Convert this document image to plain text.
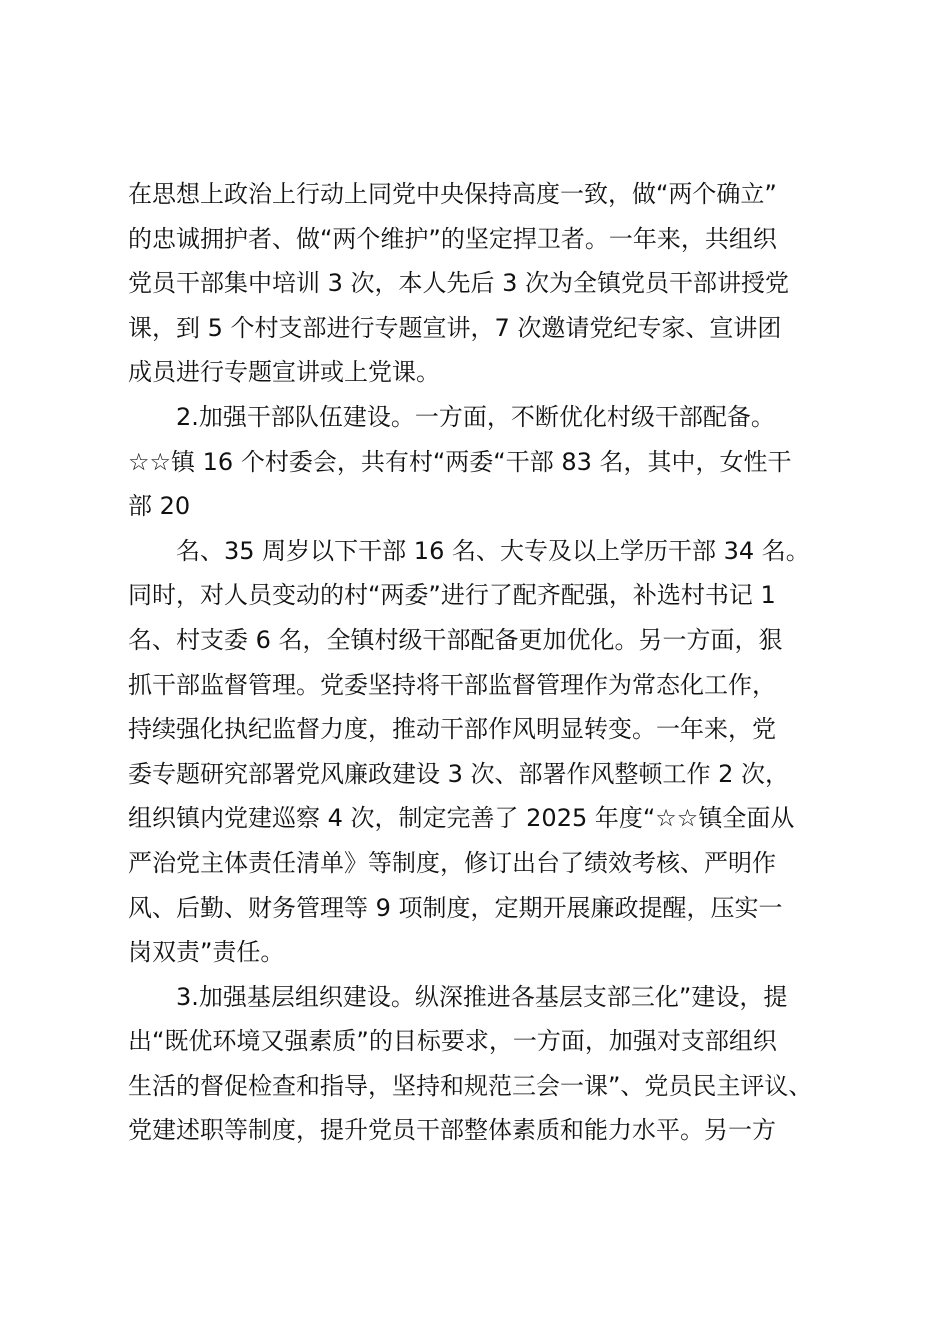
在思想上政治上行动上同党中央保持高度一致，做“两个确立”
的忠诚拥护者、做“两个维护”的坚定捍卫者。一年来，共组织
党员干部集中培训 3 次，本人先后 3 次为全镇党员干部讲授党
课，到 5 个村支部进行专题宣讲，7 次邀请党纪专家、宣讲团
成员进行专题宣讲或上党课。
2.加强干部队伍建设。一方面，不断优化村级干部配备。
☆☆镇 16 个村委会，共有村“两委“干部 83 名，其中，女性干
部 20
名、35 周岁以下干部 16 名、大专及以上学历干部 34 名。
同时，对人员变动的村“两委”进行了配齐配强，补选村书记 1
名、村支委 6 名，全镇村级干部配备更加优化。另一方面，狠
抓干部监督管理。党委坚持将干部监督管理作为常态化工作，
持续强化执纪监督力度，推动干部作风明显转变。一年来，党
委专题研究部署党风廉政建设 3 次、部署作风整顿工作 2 次，
组织镇内党建巡察 4 次，制定完善了 2025 年度“☆☆镇全面从
严治党主体责任清单》等制度，修订出台了绩效考核、严明作
风、后勤、财务管理等 9 项制度，定期开展廉政提醒，压实一
岗双责”责任。
3.加强基层组织建设。纵深推进各基层支部三化”建设，提
出“既优环境又强素质”的目标要求，一方面，加强对支部组织
生活的督促检查和指导，坚持和规范三会一课”、党员民主评议、
党建述职等制度，提升党员干部整体素质和能力水平。另一方
